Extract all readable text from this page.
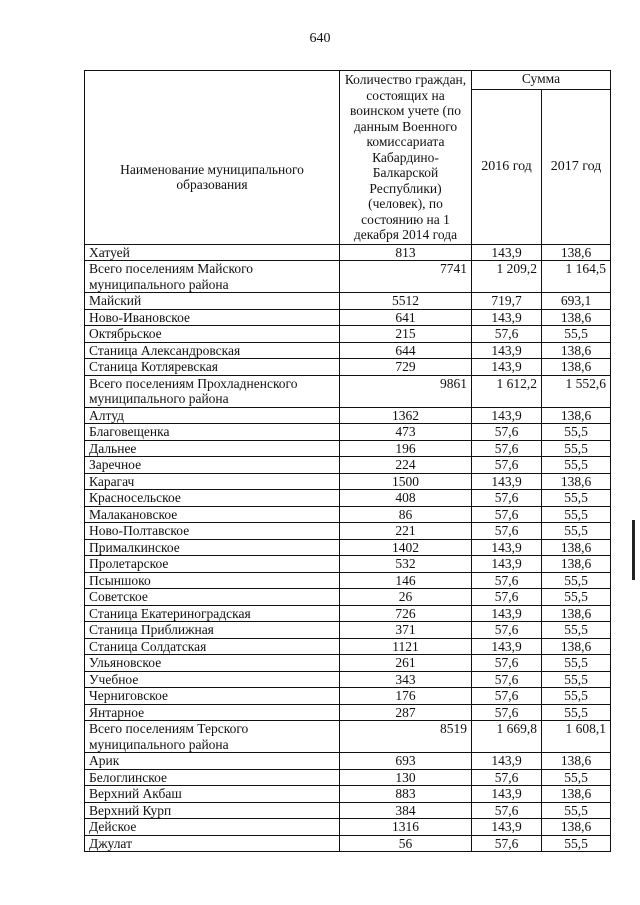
640
Наименование муниципального образования	Количество граждан, состоящих на воинском учете (по данным Военного комиссариата Кабардино-Балкарской Республики) (человек), по состоянию на 1 декабря 2014 года	Сумма	
		2016 год	2017 год
Хатуей	813	143,9	138,6
Всего поселениям Майского муниципального района	7741	1 209,2	1 164,5
Майский	5512	719,7	693,1
Ново-Ивановское	641	143,9	138,6
Октябрьское	215	57,6	55,5
Станица Александровская	644	143,9	138,6
Станица Котляревская	729	143,9	138,6
Всего поселениям Прохладненского муниципального района	9861	1 612,2	1 552,6
Алтуд	1362	143,9	138,6
Благовещенка	473	57,6	55,5
Дальнее	196	57,6	55,5
Заречное	224	57,6	55,5
Карагач	1500	143,9	138,6
Красносельское	408	57,6	55,5
Малакановское	86	57,6	55,5
Ново-Полтавское	221	57,6	55,5
Прималкинское	1402	143,9	138,6
Пролетарское	532	143,9	138,6
Псыншоко	146	57,6	55,5
Советское	26	57,6	55,5
Станица Екатериноградская	726	143,9	138,6
Станица Приближная	371	57,6	55,5
Станица Солдатская	1121	143,9	138,6
Ульяновское	261	57,6	55,5
Учебное	343	57,6	55,5
Черниговское	176	57,6	55,5
Янтарное	287	57,6	55,5
Всего поселениям Терского муниципального района	8519	1 669,8	1 608,1
Арик	693	143,9	138,6
Белоглинское	130	57,6	55,5
Верхний Акбаш	883	143,9	138,6
Верхний Курп	384	57,6	55,5
Дейское	1316	143,9	138,6
Джулат	56	57,6	55,5
